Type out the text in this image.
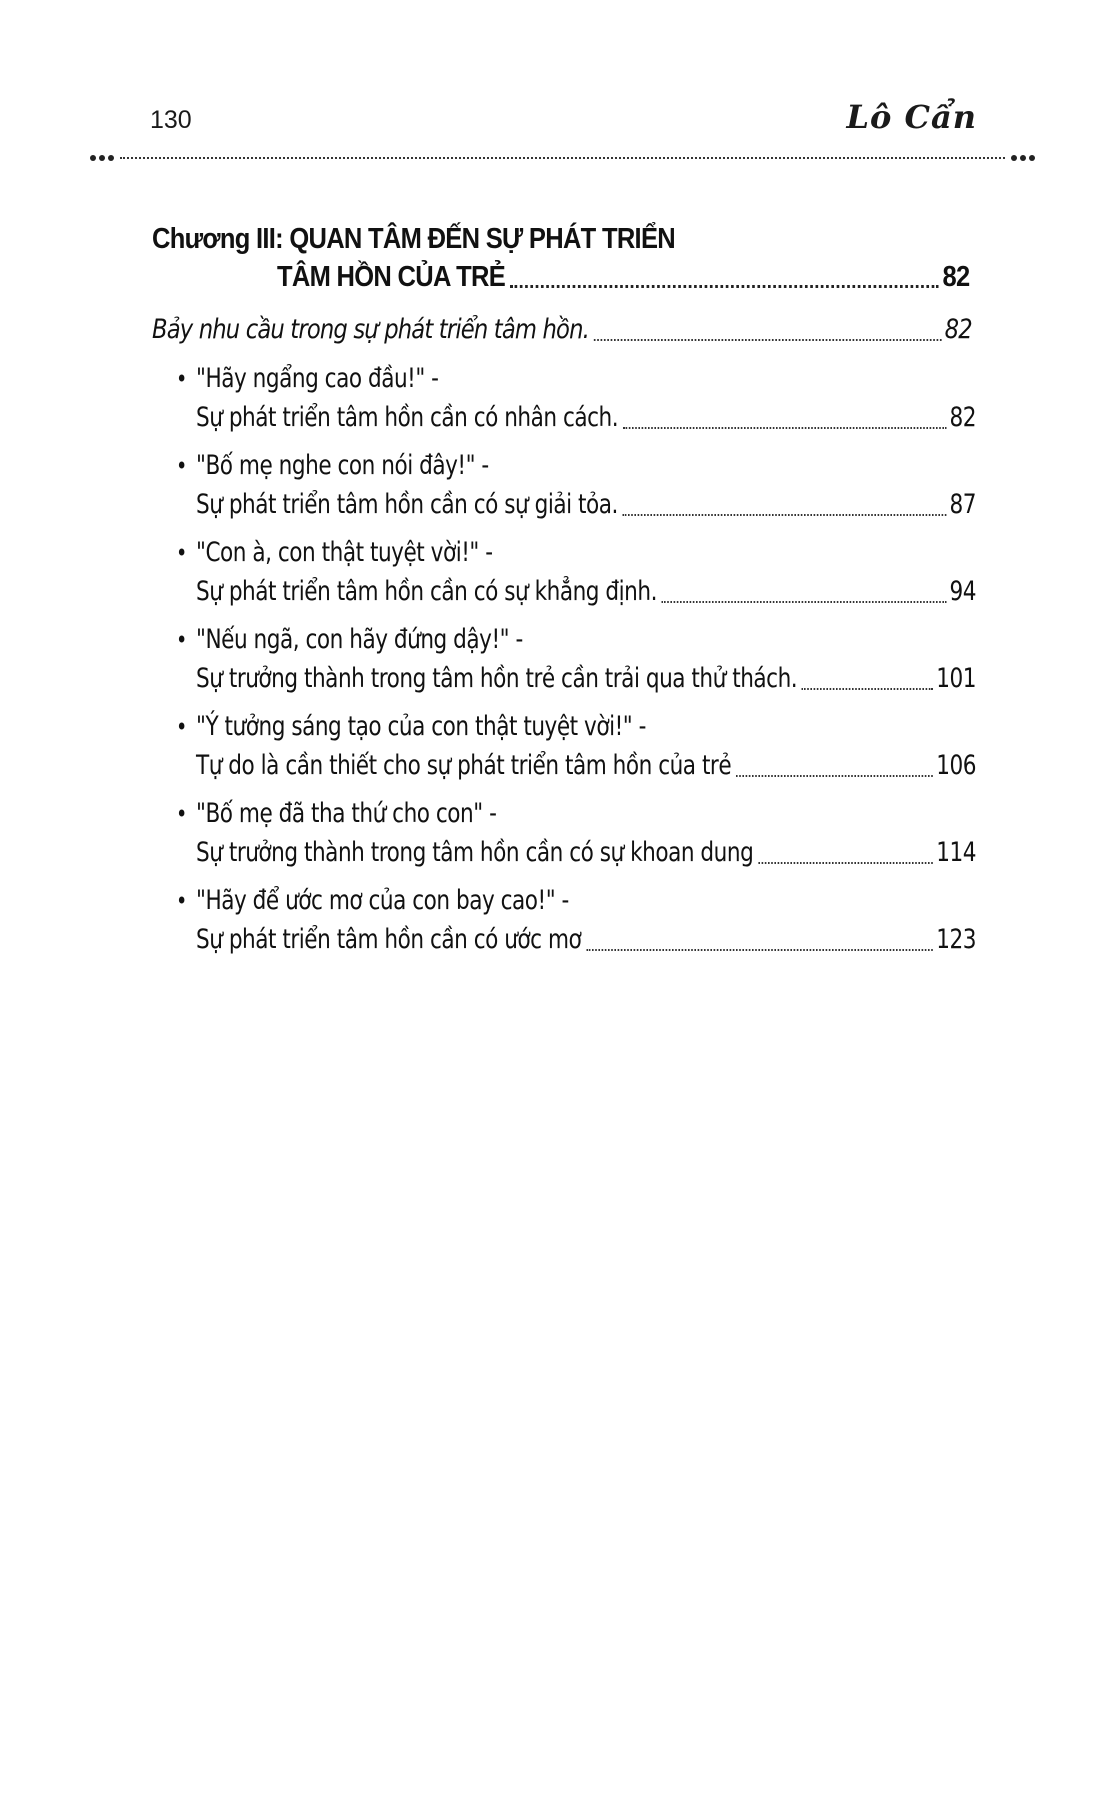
130	Lô Cẩn
Chương III: QUAN TÂM ĐẾN SỰ PHÁT TRIỂN
TÂM HỒN CỦA TRẺ	82
Bảy nhu cầu trong sự phát triển tâm hồn.	82
• "Hãy ngẩng cao đầu!" -
Sự phát triển tâm hồn cần có nhân cách.	82
• "Bố mẹ nghe con nói đây!" -
Sự phát triển tâm hồn cần có sự giải tỏa.	87
• "Con à, con thật tuyệt vời!" -
Sự phát triển tâm hồn cần có sự khẳng định.	94
• "Nếu ngã, con hãy đứng dậy!" -
Sự trưởng thành trong tâm hồn trẻ cần trải qua thử thách.	101
• "Ý tưởng sáng tạo của con thật tuyệt vời!" -
Tự do là cần thiết cho sự phát triển tâm hồn của trẻ	106
• "Bố mẹ đã tha thứ cho con" -
Sự trưởng thành trong tâm hồn cần có sự khoan dung	114
• "Hãy để ước mơ của con bay cao!" -
Sự phát triển tâm hồn cần có ước mơ	123
